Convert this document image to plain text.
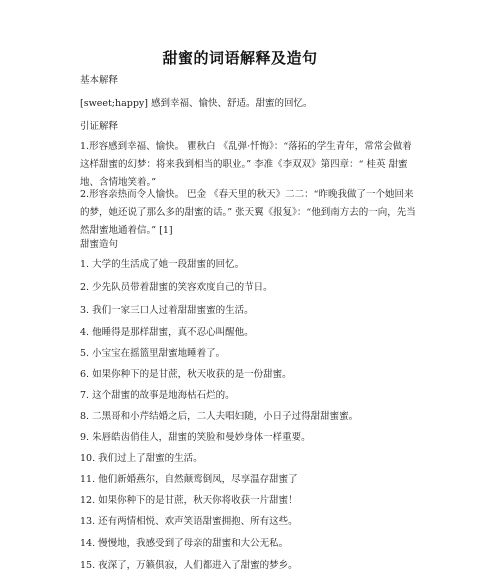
甜蜜的词语解释及造句
基本解释
[sweet;happy] 感到幸福、愉快、舒适。甜蜜的回忆。
引证解释
1.形容感到幸福、愉快。 瞿秋白 《乱弹·忏悔》：“落拓的学生青年，常常会做着这样甜蜜的幻梦：将来我到相当的职业。” 李准《李双双》第四章：“ 桂英 甜蜜地、含情地笑着。”
2.形容亲热而令人愉快。 巴金 《春天里的秋天》二二：“昨晚我做了一个她回来的梦，她还说了那么多的甜蜜的话。” 张天翼《报复》：“他到南方去的一向，先当然甜蜜地通着信。” [1]
甜蜜造句
1. 大学的生活成了她一段甜蜜的回忆。
2. 少先队员带着甜蜜的笑容欢度自己的节日。
3. 我们一家三口人过着甜甜蜜蜜的生活。
4. 他睡得是那样甜蜜，真不忍心叫醒他。
5. 小宝宝在摇篮里甜蜜地睡着了。
6. 如果你种下的是甘蔗，秋天收获的是一份甜蜜。
7. 这个甜蜜的故事是地海枯石烂的。
8. 二黑哥和小芹结婚之后，二人夫唱妇随，小日子过得甜甜蜜蜜。
9. 朱唇皓齿俏佳人，甜蜜的笑脸和曼妙身体一样重要。
10. 我们过上了甜蜜的生活。
11. 他们新婚燕尔，自然颠鸾倒凤，尽享温存甜蜜了
12. 如果你种下的是甘蔗，秋天你将收获一片甜蜜！
13. 还有两情相悦、欢声笑语甜蜜拥抱、所有这些。
14. 慢慢地，我感受到了母亲的甜蜜和大公无私。
15. 夜深了，万籁俱寂，人们都进入了甜蜜的梦乡。
